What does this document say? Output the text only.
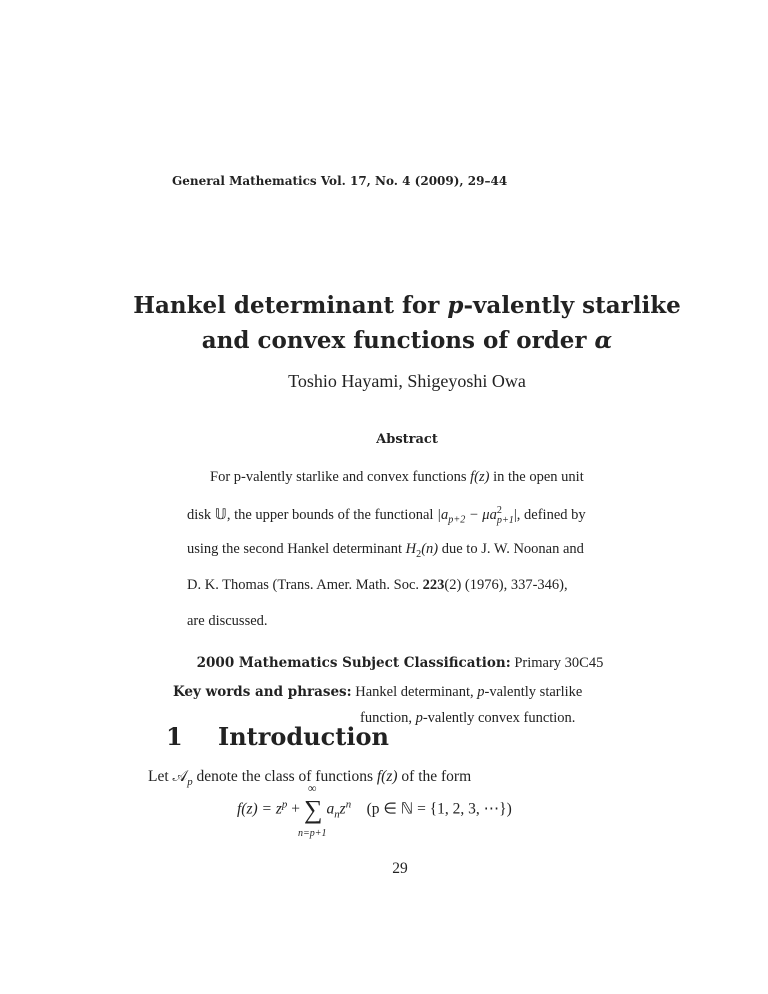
General Mathematics Vol. 17, No. 4 (2009), 29–44
Hankel determinant for p-valently starlike
and convex functions of order α
Toshio Hayami, Shigeyoshi Owa
Abstract
For p-valently starlike and convex functions f(z) in the open unit
disk 𝕌, the upper bounds of the functional $|a_{p+2} - \mu a^2_{p+1}|$, defined by
using the second Hankel determinant $H_2(n)$ due to J. W. Noonan and
D. K. Thomas (Trans. Amer. Math. Soc. 223(2) (1976), 337-346),
are discussed.
2000 Mathematics Subject Classification: Primary 30C45
Key words and phrases: Hankel determinant, p-valently starlike
function, p-valently convex function.
1 Introduction
Let 𝒜$_p$ denote the class of functions f(z) of the form
$f(z) = z^p$ + ∑
∞
n=p+1
$a_nz^n$ (p ∈ ℕ = {1, 2, 3, ⋯})
29
